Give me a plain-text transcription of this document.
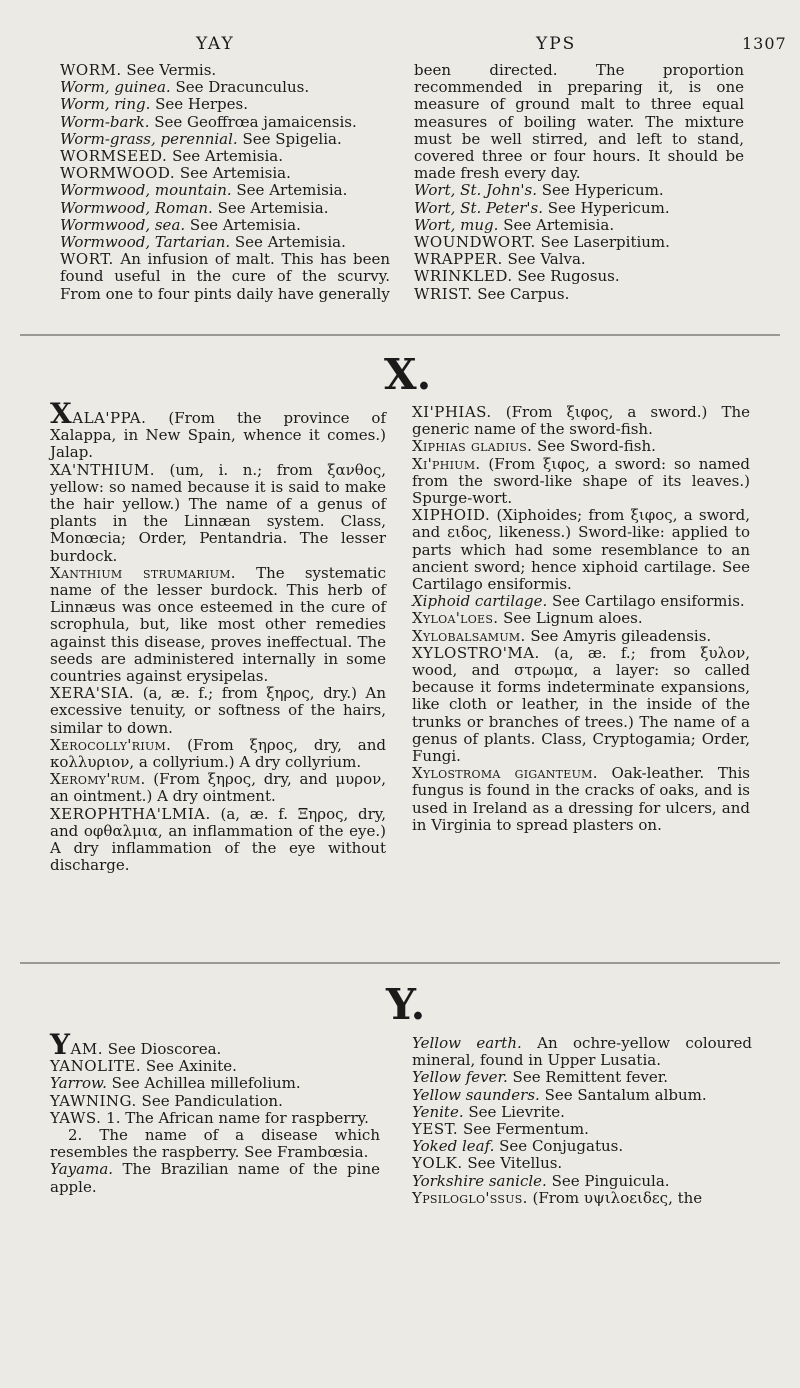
YAY	YPS	1307

WORM. See Vermis.

Worm, guinea. See Dracunculus.

Worm, ring. See Herpes.

Worm-bark. See Geoffrœa jamaicensis.

Worm-grass, perennial. See Spigelia.

WORMSEED. See Artemisia.

WORMWOOD. See Artemisia.

Wormwood, mountain. See Artemisia.

Wormwood, Roman. See Artemisia.

Wormwood, sea. See Artemisia.

Wormwood, Tartarian. See Artemisia.

WORT. An infusion of malt. This has been found useful in the cure of the scurvy. From one to four pints daily have generally

been directed. The proportion recommended in preparing it, is one measure of ground malt to three equal measures of boiling water. The mixture must be well stirred, and left to stand, covered three or four hours. It should be made fresh every day.

Wort, St. John's. See Hypericum.

Wort, St. Peter's. See Hypericum.

Wort, mug. See Artemisia.

WOUNDWORT. See Laserpitium.

WRAPPER. See Valva.

WRINKLED. See Rugosus.

WRIST. See Carpus.

X.

XALA'PPA. (From the province of Xalappa, in New Spain, whence it comes.) Jalap.

XA'NTHIUM. (um, i. n.; from ξανθος, yellow: so named because it is said to make the hair yellow.) The name of a genus of plants in the Linnæan system. Class, Monœcia; Order, Pentandria. The lesser burdock.

Xanthium strumarium. The systematic name of the lesser burdock. This herb of Linnæus was once esteemed in the cure of scrophula, but, like most other remedies against this disease, proves ineffectual. The seeds are administered internally in some countries against erysipelas.

XERA'SIA. (a, æ. f.; from ξηρος, dry.) An excessive tenuity, or softness of the hairs, similar to down.

Xerocolly'rium. (From ξηρος, dry, and κολλυριον, a collyrium.) A dry collyrium.

Xeromy'rum. (From ξηρος, dry, and μυρον, an ointment.) A dry ointment.

XEROPHTHA'LMIA. (a, æ. f. Ξηρος, dry, and οφθαλμια, an inflammation of the eye.) A dry inflammation of the eye without discharge.

XI'PHIAS. (From ξιφος, a sword.) The generic name of the sword-fish.

Xiphias gladius. See Sword-fish.

Xi'phium. (From ξιφος, a sword: so named from the sword-like shape of its leaves.) Spurge-wort.

XIPHOID. (Xiphoides; from ξιφος, a sword, and ειδος, likeness.) Sword-like: applied to parts which had some resemblance to an ancient sword; hence xiphoid cartilage. See Cartilago ensiformis.

Xiphoid cartilage. See Cartilago ensiformis.

Xyloa'loes. See Lignum aloes.

Xylobalsamum. See Amyris gileadensis.

XYLOSTRO'MA. (a, æ. f.; from ξυλον, wood, and στρωμα, a layer: so called because it forms indeterminate expansions, like cloth or leather, in the inside of the trunks or branches of trees.) The name of a genus of plants. Class, Cryptogamia; Order, Fungi.

Xylostroma giganteum. Oak-leather. This fungus is found in the cracks of oaks, and is used in Ireland as a dressing for ulcers, and in Virginia to spread plasters on.

Y.

YAM. See Dioscorea.

YANOLITE. See Axinite.

Yarrow. See Achillea millefolium.

YAWNING. See Pandiculation.

YAWS. 1. The African name for raspberry.

2. The name of a disease which resembles the raspberry. See Frambœsia.

Yayama. The Brazilian name of the pine apple.

Yellow earth. An ochre-yellow coloured mineral, found in Upper Lusatia.

Yellow fever. See Remittent fever.

Yellow saunders. See Santalum album.

Yenite. See Lievrite.

YEST. See Fermentum.

Yoked leaf. See Conjugatus.

YOLK. See Vitellus.

Yorkshire sanicle. See Pinguicula.

Ypsiloglo'ssus. (From υψιλοειδες, the
